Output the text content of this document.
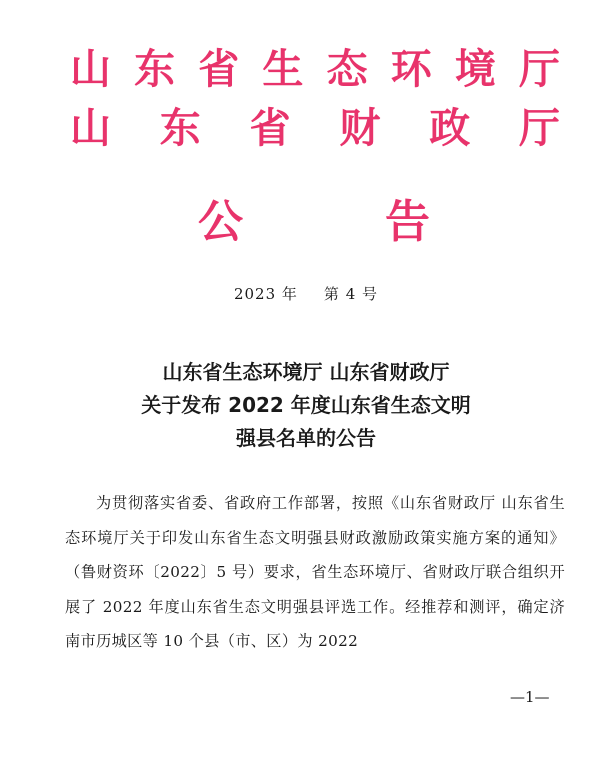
山 东 省 生 态 环 境 厅
山 东 省 财 政 厅
公	告
2023 年 第 4 号
山东省生态环境厅 山东省财政厅
关于发布 2022 年度山东省生态文明
强县名单的公告
为贯彻落实省委、省政府工作部署，按照《山东省财政厅 山东省生态环境厅关于印发山东省生态文明强县财政激励政策实施方案的通知》（鲁财资环〔2022〕5 号）要求，省生态环境厅、省财政厅联合组织开展了 2022 年度山东省生态文明强县评选工作。经推荐和测评，确定济南市历城区等 10 个县（市、区）为 2022
—1—
